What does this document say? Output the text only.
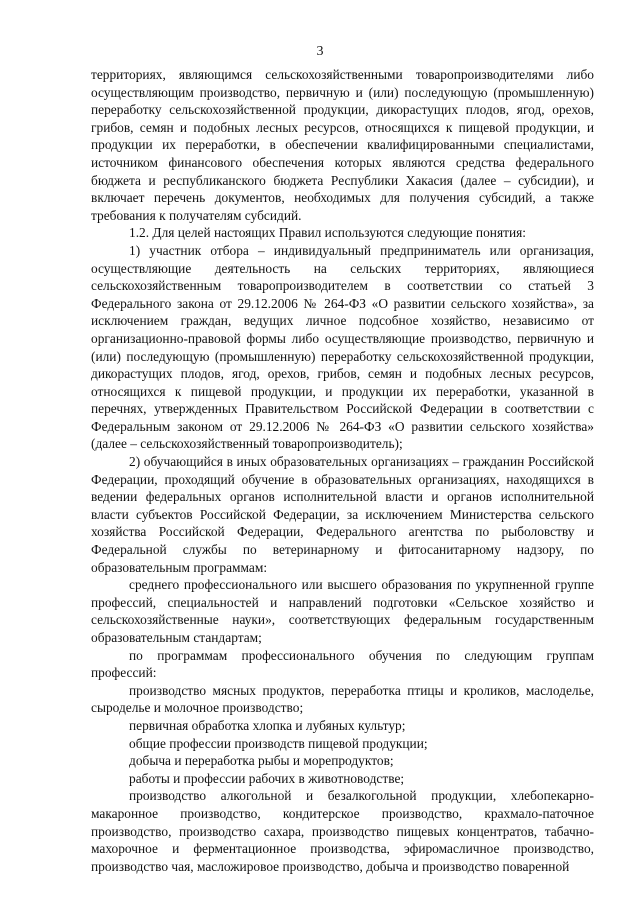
3

территориях, являющимся сельскохозяйственными товаропроизводителями либо осуществляющим производство, первичную и (или) последующую (промышленную) переработку сельскохозяйственной продукции, дикорастущих плодов, ягод, орехов, грибов, семян и подобных лесных ресурсов, относящихся к пищевой продукции, и продукции их переработки, в обеспечении квалифицированными специалистами, источником финансового обеспечения которых являются средства федерального бюджета и республиканского бюджета Республики Хакасия (далее – субсидии), и включает перечень документов, необходимых для получения субсидий, а также требования к получателям субсидий.

1.2. Для целей настоящих Правил используются следующие понятия:

1) участник отбора – индивидуальный предприниматель или организация, осуществляющие деятельность на сельских территориях, являющиеся сельскохозяйственным товаропроизводителем в соответствии со статьей 3 Федерального закона от 29.12.2006 № 264-ФЗ «О развитии сельского хозяйства», за исключением граждан, ведущих личное подсобное хозяйство, независимо от организационно-правовой формы либо осуществляющие производство, первичную и (или) последующую (промышленную) переработку сельскохозяйственной продукции, дикорастущих плодов, ягод, орехов, грибов, семян и подобных лесных ресурсов, относящихся к пищевой продукции, и продукции их переработки, указанной в перечнях, утвержденных Правительством Российской Федерации в соответствии с Федеральным законом от 29.12.2006 № 264-ФЗ «О развитии сельского хозяйства» (далее – сельскохозяйственный товаропроизводитель);

2) обучающийся в иных образовательных организациях – гражданин Российской Федерации, проходящий обучение в образовательных организациях, находящихся в ведении федеральных органов исполнительной власти и органов исполнительной власти субъектов Российской Федерации, за исключением Министерства сельского хозяйства Российской Федерации, Федерального агентства по рыболовству и Федеральной службы по ветеринарному и фитосанитарному надзору, по образовательным программам:

среднего профессионального или высшего образования по укрупненной группе профессий, специальностей и направлений подготовки «Сельское хозяйство и сельскохозяйственные науки», соответствующих федеральным государственным образовательным стандартам;

по программам профессионального обучения по следующим группам профессий:

производство мясных продуктов, переработка птицы и кроликов, маслоделье, сыроделье и молочное производство;

первичная обработка хлопка и лубяных культур;

общие профессии производств пищевой продукции;

добыча и переработка рыбы и морепродуктов;

работы и профессии рабочих в животноводстве;

производство алкогольной и безалкогольной продукции, хлебопекарно-макаронное производство, кондитерское производство, крахмало-паточное производство, производство сахара, производство пищевых концентратов, табачно-махорочное и ферментационное производства, эфиромасличное производство, производство чая, масложировое производство, добыча и производство поваренной
